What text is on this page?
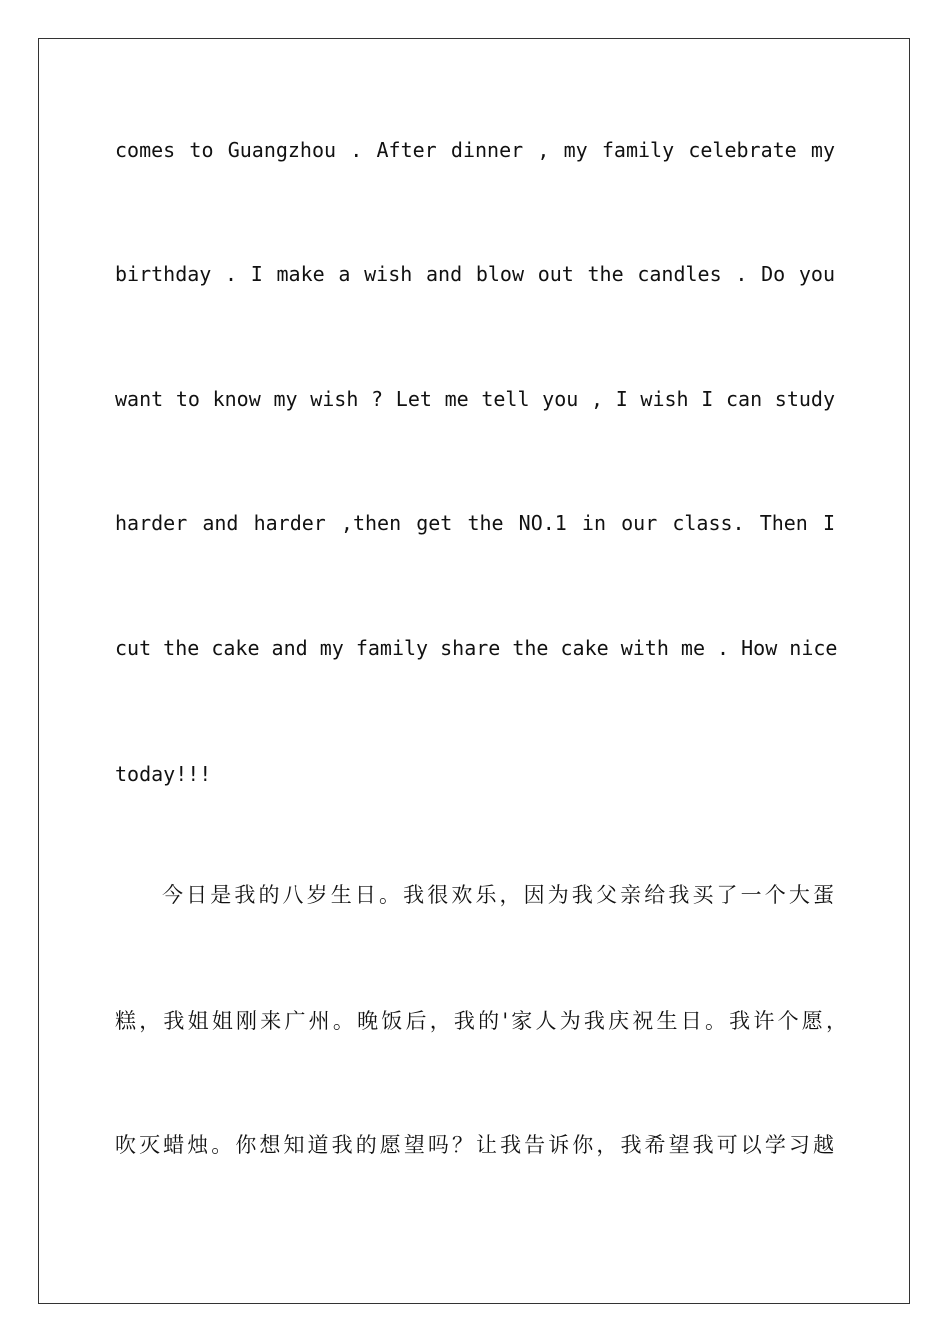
comes to Guangzhou . After dinner , my family celebrate my
birthday . I make a wish and blow out the candles . Do you
want to know my wish ? Let me tell you , I wish I can study
harder and harder ,then get the NO.1 in our class. Then I
cut the cake and my family share the cake with me . How nice
today!!!
今日是我的八岁生日。我很欢乐，因为我父亲给我买了一个大蛋
糕，我姐姐刚来广州。晚饭后，我的'家人为我庆祝生日。我许个愿，
吹灭蜡烛。你想知道我的愿望吗？让我告诉你，我希望我可以学习越
